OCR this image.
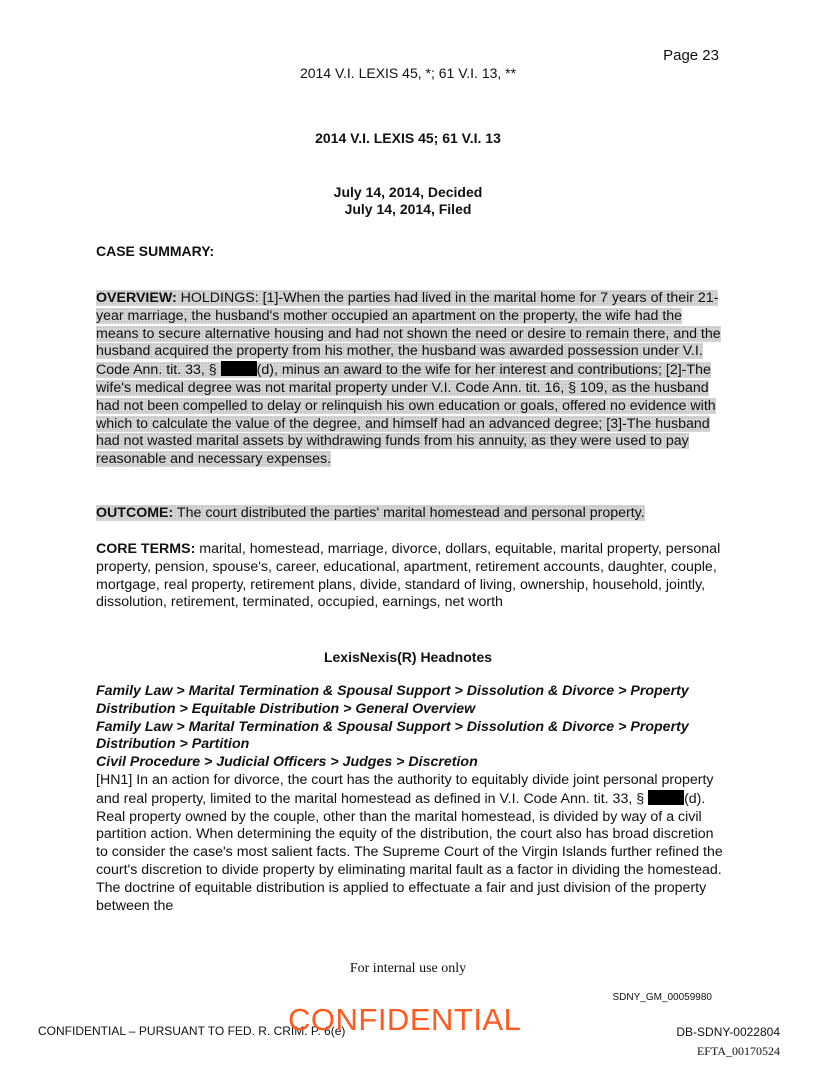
Page 23
2014 V.I. LEXIS 45, *; 61 V.I. 13, **
2014 V.I. LEXIS 45; 61 V.I. 13
July 14, 2014, Decided
July 14, 2014, Filed
CASE SUMMARY:
OVERVIEW: HOLDINGS: [1]-When the parties had lived in the marital home for 7 years of their 21-year marriage, the husband's mother occupied an apartment on the property, the wife had the means to secure alternative housing and had not shown the need or desire to remain there, and the husband acquired the property from his mother, the husband was awarded possession under V.I. Code Ann. tit. 33, §	(d), minus an award to the wife for her interest and contributions; [2]-The wife's medical degree was not marital property under V.I. Code Ann. tit. 16, § 109, as the husband had not been compelled to delay or relinquish his own education or goals, offered no evidence with which to calculate the value of the degree, and himself had an advanced degree; [3]-The husband had not wasted marital assets by withdrawing funds from his annuity, as they were used to pay reasonable and necessary expenses.
OUTCOME: The court distributed the parties' marital homestead and personal property.
CORE TERMS: marital, homestead, marriage, divorce, dollars, equitable, marital property, personal property, pension, spouse's, career, educational, apartment, retirement accounts, daughter, couple, mortgage, real property, retirement plans, divide, standard of living, ownership, household, jointly, dissolution, retirement, terminated, occupied, earnings, net worth
LexisNexis(R) Headnotes
Family Law > Marital Termination & Spousal Support > Dissolution & Divorce > Property Distribution > Equitable Distribution > General Overview
Family Law > Marital Termination & Spousal Support > Dissolution & Divorce > Property Distribution > Partition
Civil Procedure > Judicial Officers > Judges > Discretion
[HN1] In an action for divorce, the court has the authority to equitably divide joint personal property and real property, limited to the marital homestead as defined in V.I. Code Ann. tit. 33, §	(d). Real property owned by the couple, other than the marital homestead, is divided by way of a civil partition action. When determining the equity of the distribution, the court also has broad discretion to consider the case's most salient facts. The Supreme Court of the Virgin Islands further refined the court's discretion to divide property by eliminating marital fault as a factor in dividing the homestead. The doctrine of equitable distribution is applied to effectuate a fair and just division of the property between the
For internal use only
SDNY_GM_00059980
CONFIDENTIAL – PURSUANT TO FED. R. CRIM. P. 6(e)
CONFIDENTIAL	DB-SDNY-0022804
EFTA_00170524
